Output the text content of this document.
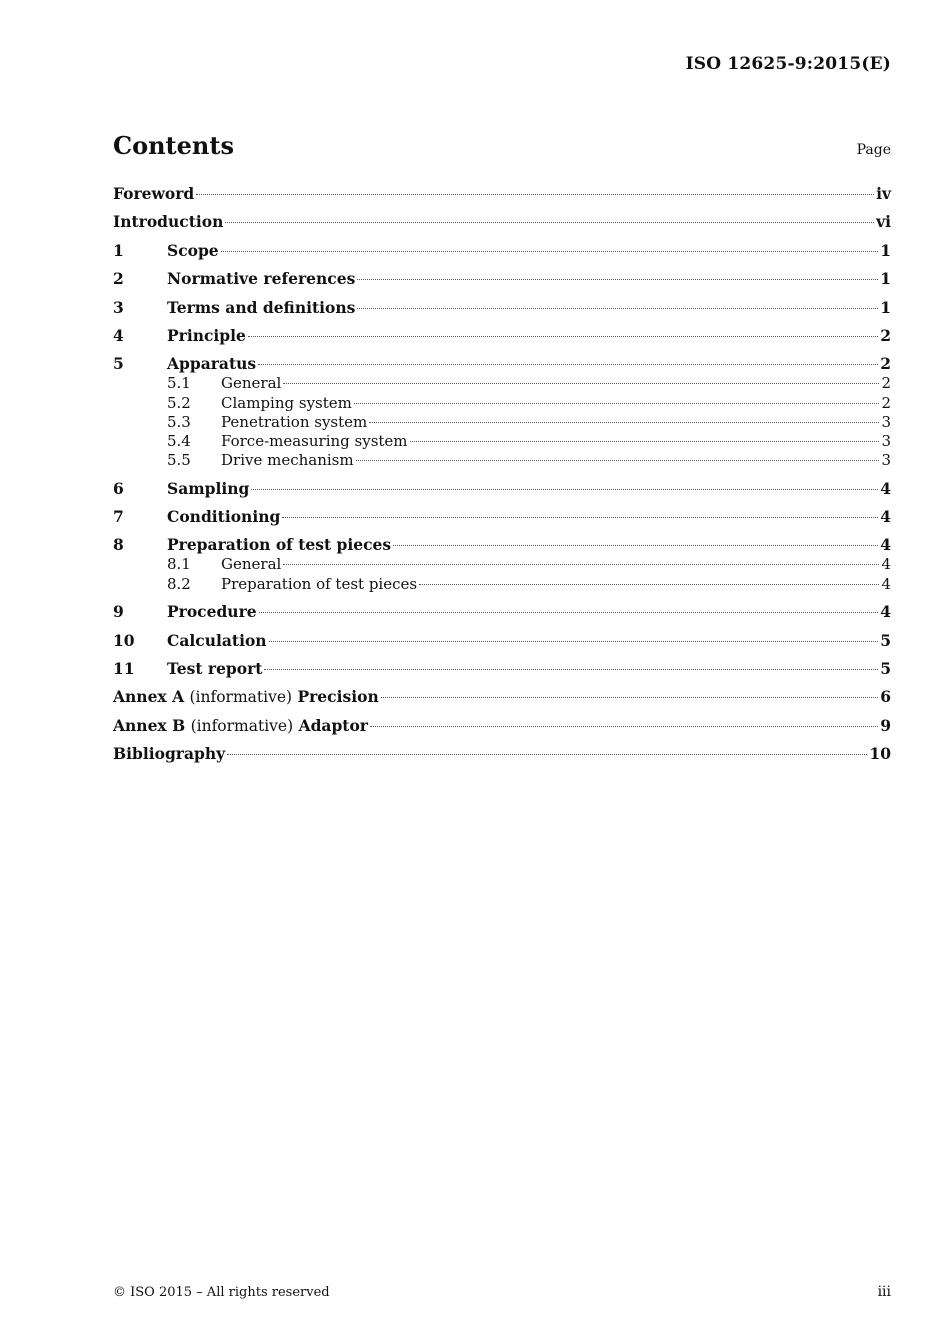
ISO 12625-9:2015(E)
Contents	Page
Foreword	iv
Introduction	vi
1	Scope	1
2	Normative references	1
3	Terms and definitions	1
4	Principle	2
5	Apparatus	2
5.1	General	2
5.2	Clamping system	2
5.3	Penetration system	3
5.4	Force-measuring system	3
5.5	Drive mechanism	3
6	Sampling	4
7	Conditioning	4
8	Preparation of test pieces	4
8.1	General	4
8.2	Preparation of test pieces	4
9	Procedure	4
10	Calculation	5
11	Test report	5
Annex A (informative) Precision	6
Annex B (informative) Adaptor	9
Bibliography	10
© ISO 2015 – All rights reserved	iii
